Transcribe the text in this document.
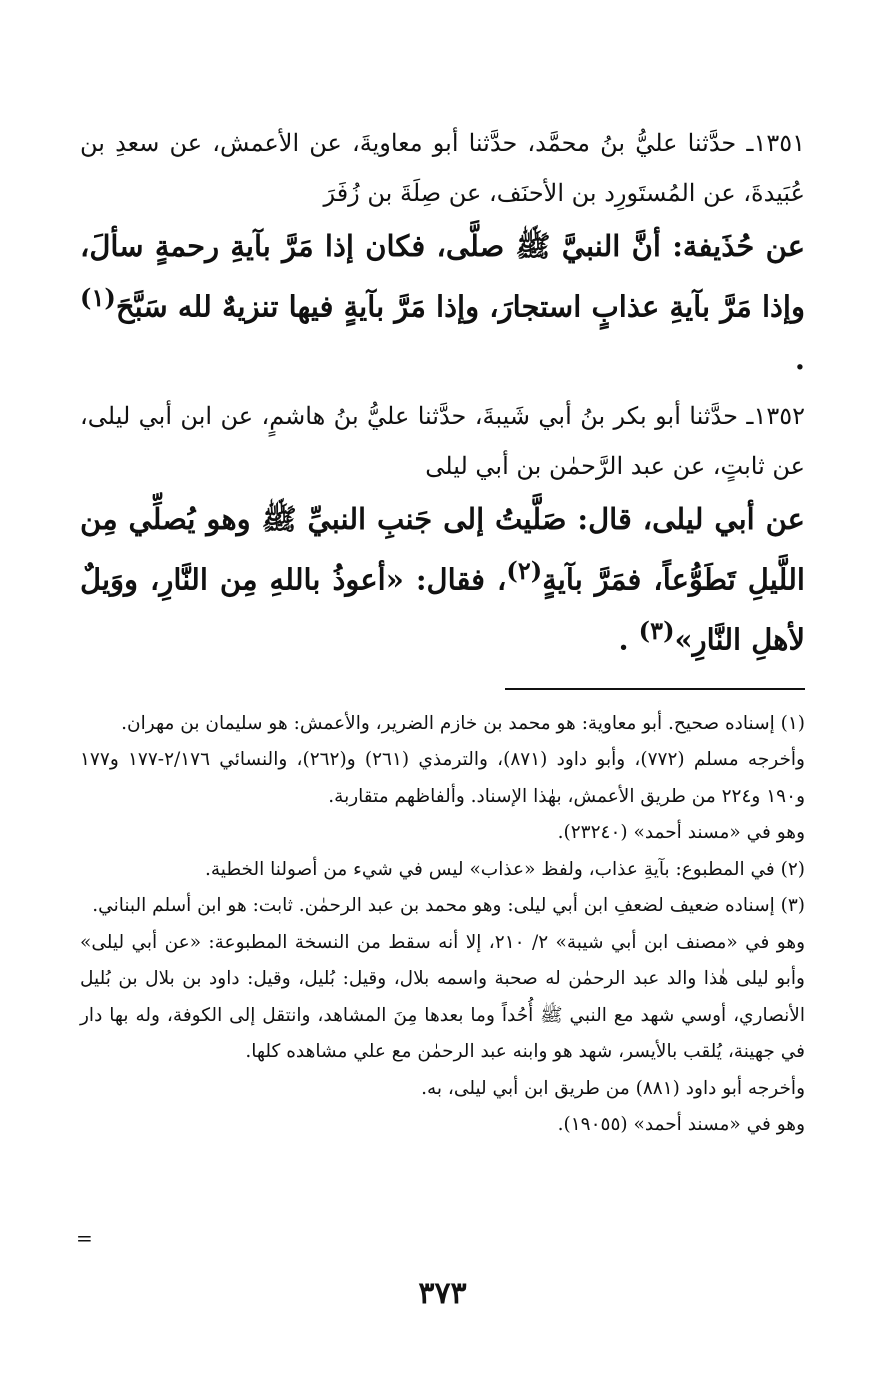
١٣٥١ـ حدَّثنا عليُّ بنُ محمَّد، حدَّثنا أبو معاويةَ، عن الأعمش، عن سعدِ بن عُبَيدةَ، عن المُستَورِد بن الأحنَف، عن صِلَةَ بن زُفَرَ

عن حُذَيفة: أنَّ النبيَّ ﷺ صلَّى، فكان إذا مَرَّ بآيةِ رحمةٍ سألَ، وإذا مَرَّ بآيةِ عذابٍ استجارَ، وإذا مَرَّ بآيةٍ فيها تنزيهٌ لله سَبَّحَ$^{(١)}$ .

١٣٥٢ـ حدَّثنا أبو بكر بنُ أبي شَيبةَ، حدَّثنا عليُّ بنُ هاشمٍ، عن ابن أبي ليلى، عن ثابتٍ، عن عبد الرَّحمٰن بن أبي ليلى

عن أبي ليلى، قال: صَلَّيتُ إلى جَنبِ النبيِّ ﷺ وهو يُصلِّي مِن اللَّيلِ تَطَوُّعاً، فمَرَّ بآيةٍ$^{(٢)}$، فقال: «أعوذُ باللهِ مِن النَّارِ، ووَيلٌ لأهلِ النَّارِ»$^{(٣)}$ .

(١) إسناده صحيح. أبو معاوية: هو محمد بن خازم الضرير، والأعمش: هو سليمان بن مهران.

وأخرجه مسلم (٧٧٢)، وأبو داود (٨٧١)، والترمذي (٢٦١) و(٢٦٢)، والنسائي ٢/١٧٦-١٧٧ و١٧٧ و١٩٠ و٢٢٤ من طريق الأعمش، بهٰذا الإسناد. وألفاظهم متقاربة.

وهو في «مسند أحمد» (٢٣٢٤٠).

(٢) في المطبوع: بآيةِ عذاب، ولفظ «عذاب» ليس في شيء من أصولنا الخطية.

(٣) إسناده ضعيف لضعفِ ابن أبي ليلى: وهو محمد بن عبد الرحمٰن. ثابت: هو ابن أسلم البناني.

وهو في «مصنف ابن أبي شيبة» ٢/ ٢١٠، إلا أنه سقط من النسخة المطبوعة: «عن أبي ليلى» وأبو ليلى هٰذا والد عبد الرحمٰن له صحبة واسمه بلال، وقيل: بُليل، وقيل: داود بن بلال بن بُليل الأنصاري، أوسي شهد مع النبي ﷺ أُحُداً وما بعدها مِنَ المشاهد، وانتقل إلى الكوفة، وله بها دار في جهينة، يُلقب بالأيسر، شهد هو وابنه عبد الرحمٰن مع علي مشاهده كلها.

وأخرجه أبو داود (٨٨١) من طريق ابن أبي ليلى، به.

وهو في «مسند أحمد» (١٩٠٥٥).

=
٣٧٣
